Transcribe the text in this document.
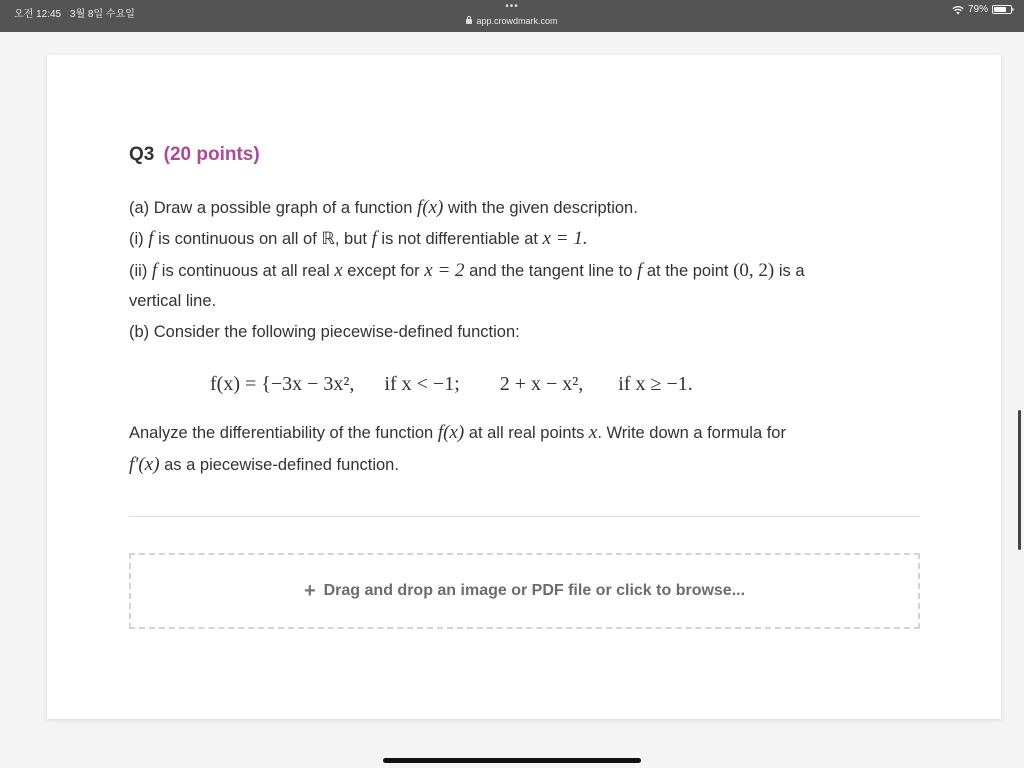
오전 12:45 3월 8일 수요일
•••
app.crowdmark.com
79%
Q3 (20 points)
(a) Draw a possible graph of a function f(x) with the given description.
(i) f is continuous on all of ℝ, but f is not differentiable at x = 1.
(ii) f is continuous at all real x except for x = 2 and the tangent line to f at the point (0, 2) is a
vertical line.
(b) Consider the following piecewise-defined function:
f(x) = {−3x − 3x²,      if x < −1;        2 + x − x²,       if x ≥ −1.
Analyze the differentiability of the function f(x) at all real points x. Write down a formula for
f′(x) as a piecewise-defined function.
+ Drag and drop an image or PDF file or click to browse...
